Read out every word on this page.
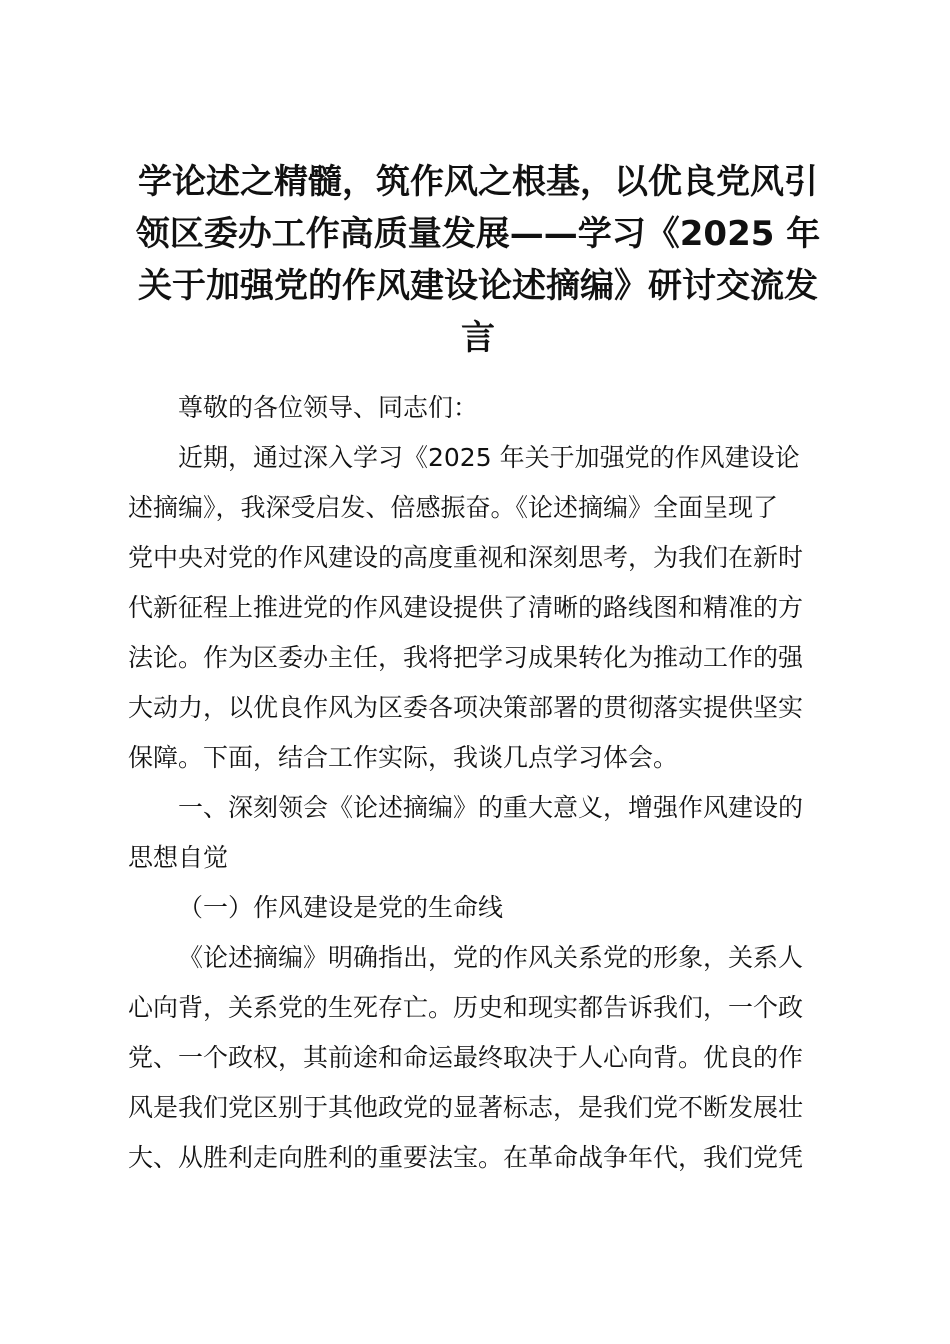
学论述之精髓，筑作风之根基，以优良党风引
领区委办工作高质量发展——学习《2025 年
关于加强党的作风建设论述摘编》研讨交流发
言
尊敬的各位领导、同志们：
近期，通过深入学习《2025 年关于加强党的作风建设论
述摘编》，我深受启发、倍感振奋。《论述摘编》全面呈现了
党中央对党的作风建设的高度重视和深刻思考，为我们在新时
代新征程上推进党的作风建设提供了清晰的路线图和精准的方
法论。作为区委办主任，我将把学习成果转化为推动工作的强
大动力，以优良作风为区委各项决策部署的贯彻落实提供坚实
保障。下面，结合工作实际，我谈几点学习体会。
一、深刻领会《论述摘编》的重大意义，增强作风建设的
思想自觉
（一）作风建设是党的生命线
《论述摘编》明确指出，党的作风关系党的形象，关系人
心向背，关系党的生死存亡。历史和现实都告诉我们，一个政
党、一个政权，其前途和命运最终取决于人心向背。优良的作
风是我们党区别于其他政党的显著标志，是我们党不断发展壮
大、从胜利走向胜利的重要法宝。在革命战争年代，我们党凭
